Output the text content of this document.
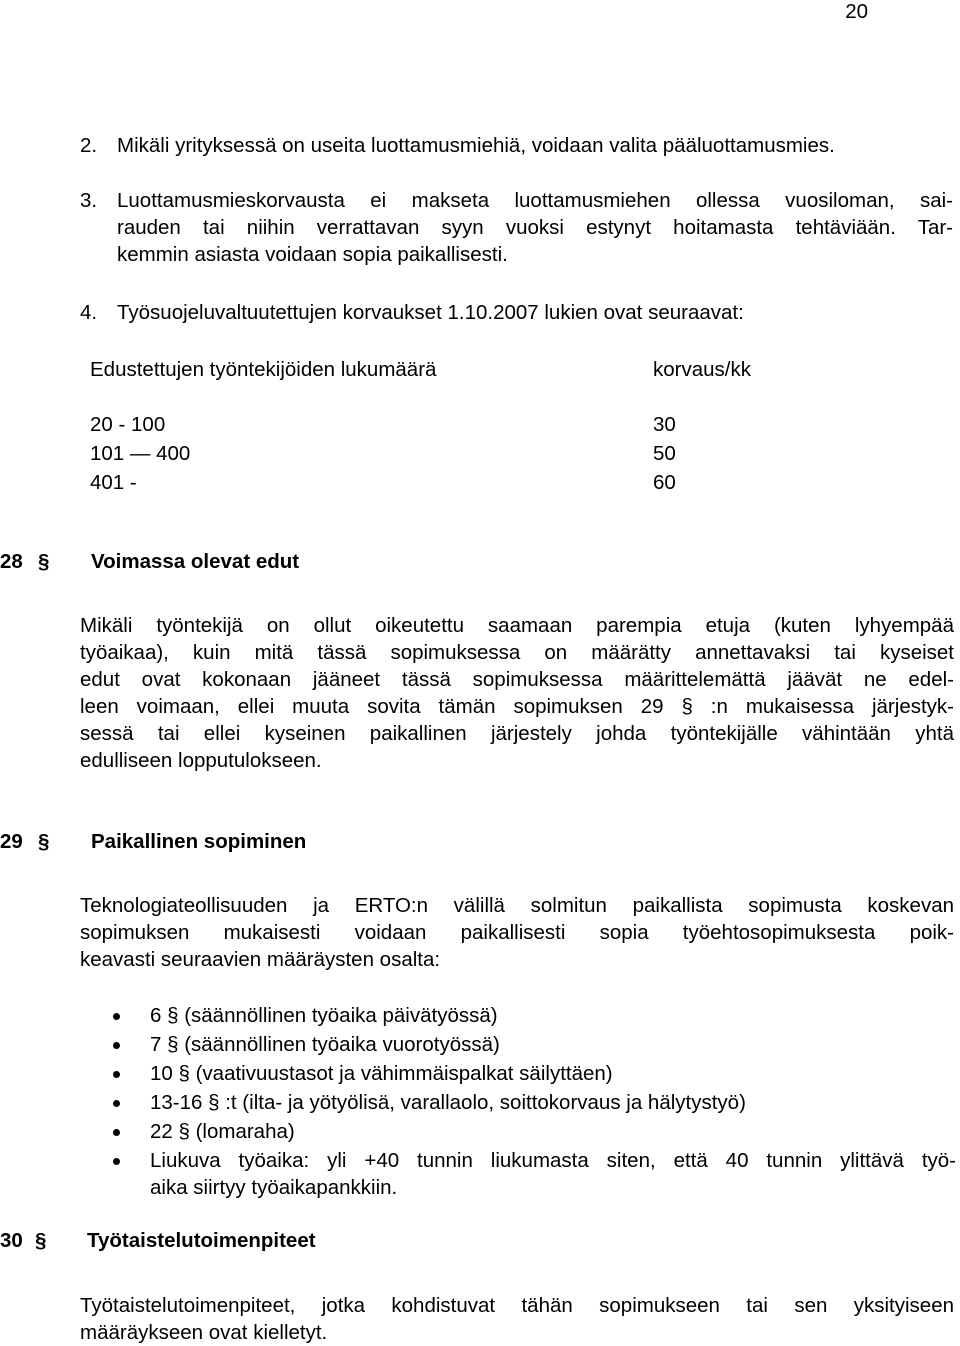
20
2. Mikäli yrityksessä on useita luottamusmiehiä, voidaan valita pääluottamusmies.
3. Luottamusmieskorvausta ei makseta luottamusmiehen ollessa vuosiloman, sai-
rauden tai niihin verrattavan syyn vuoksi estynyt hoitamasta tehtäviään. Tar-
kemmin asiasta voidaan sopia paikallisesti.
4. Työsuojeluvaltuutettujen korvaukset 1.10.2007 lukien ovat seuraavat:
Edustettujen työntekijöiden lukumäärä	korvaus/kk
20 - 100	30
101 — 400	50
401 -	60
28 § Voimassa olevat edut
Mikäli työntekijä on ollut oikeutettu saamaan parempia etuja (kuten lyhyempää
työaikaa), kuin mitä tässä sopimuksessa on määrätty annettavaksi tai kyseiset
edut ovat kokonaan jääneet tässä sopimuksessa määrittelemättä jäävät ne edel-
leen voimaan, ellei muuta sovita tämän sopimuksen 29 § :n mukaisessa järjestyk-
sessä tai ellei kyseinen paikallinen järjestely johda työntekijälle vähintään yhtä
edulliseen lopputulokseen.
29 § Paikallinen sopiminen
Teknologiateollisuuden ja ERTO:n välillä solmitun paikallista sopimusta koskevan
sopimuksen mukaisesti voidaan paikallisesti sopia työehtosopimuksesta poik-
keavasti seuraavien määräysten osalta:
6 § (säännöllinen työaika päivätyössä)
7 § (säännöllinen työaika vuorotyössä)
10 § (vaativuustasot ja vähimmäispalkat säilyttäen)
13-16 § :t (ilta- ja yötyölisä, varallaolo, soittokorvaus ja hälytystyö)
22 § (lomaraha)
Liukuva työaika: yli +40 tunnin liukumasta siten, että 40 tunnin ylittävä työ-
aika siirtyy työaikapankkiin.
30 § Työtaistelutoimenpiteet
Työtaistelutoimenpiteet, jotka kohdistuvat tähän sopimukseen tai sen yksityiseen
määräykseen ovat kielletyt.
